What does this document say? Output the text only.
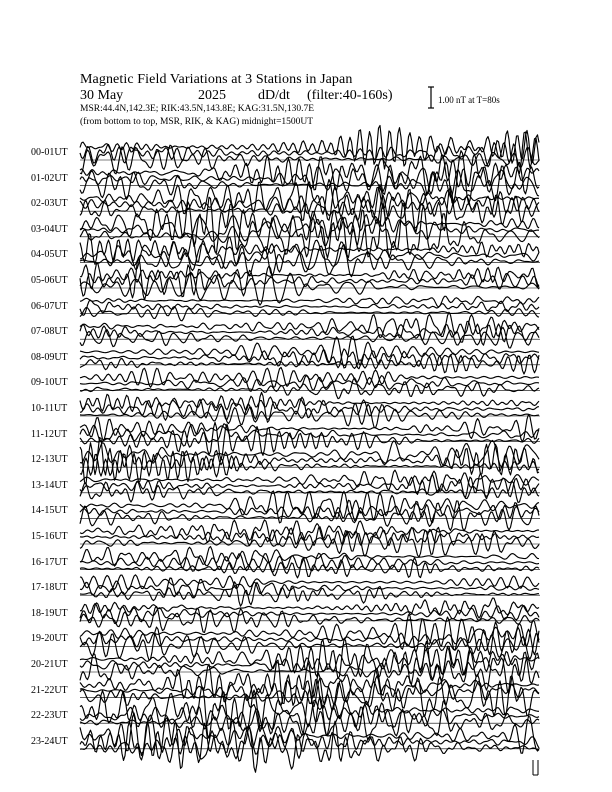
Magnetic Field Variations at 3 Stations in Japan
30 May	2025 dD/dt (filter:40-160s)
MSR:44.4N,142.3E; RIK:43.5N,143.8E; KAG:31.5N,130.7E
(from bottom to top, MSR, RIK, & KAG) midnight=1500UT
1.00 nT at T=80s
00-01UT
01-02UT
02-03UT
03-04UT
04-05UT
05-06UT
06-07UT
07-08UT
08-09UT
09-10UT
10-11UT
11-12UT
12-13UT
13-14UT
14-15UT
15-16UT
16-17UT
17-18UT
18-19UT
19-20UT
20-21UT
21-22UT
22-23UT
23-24UT
